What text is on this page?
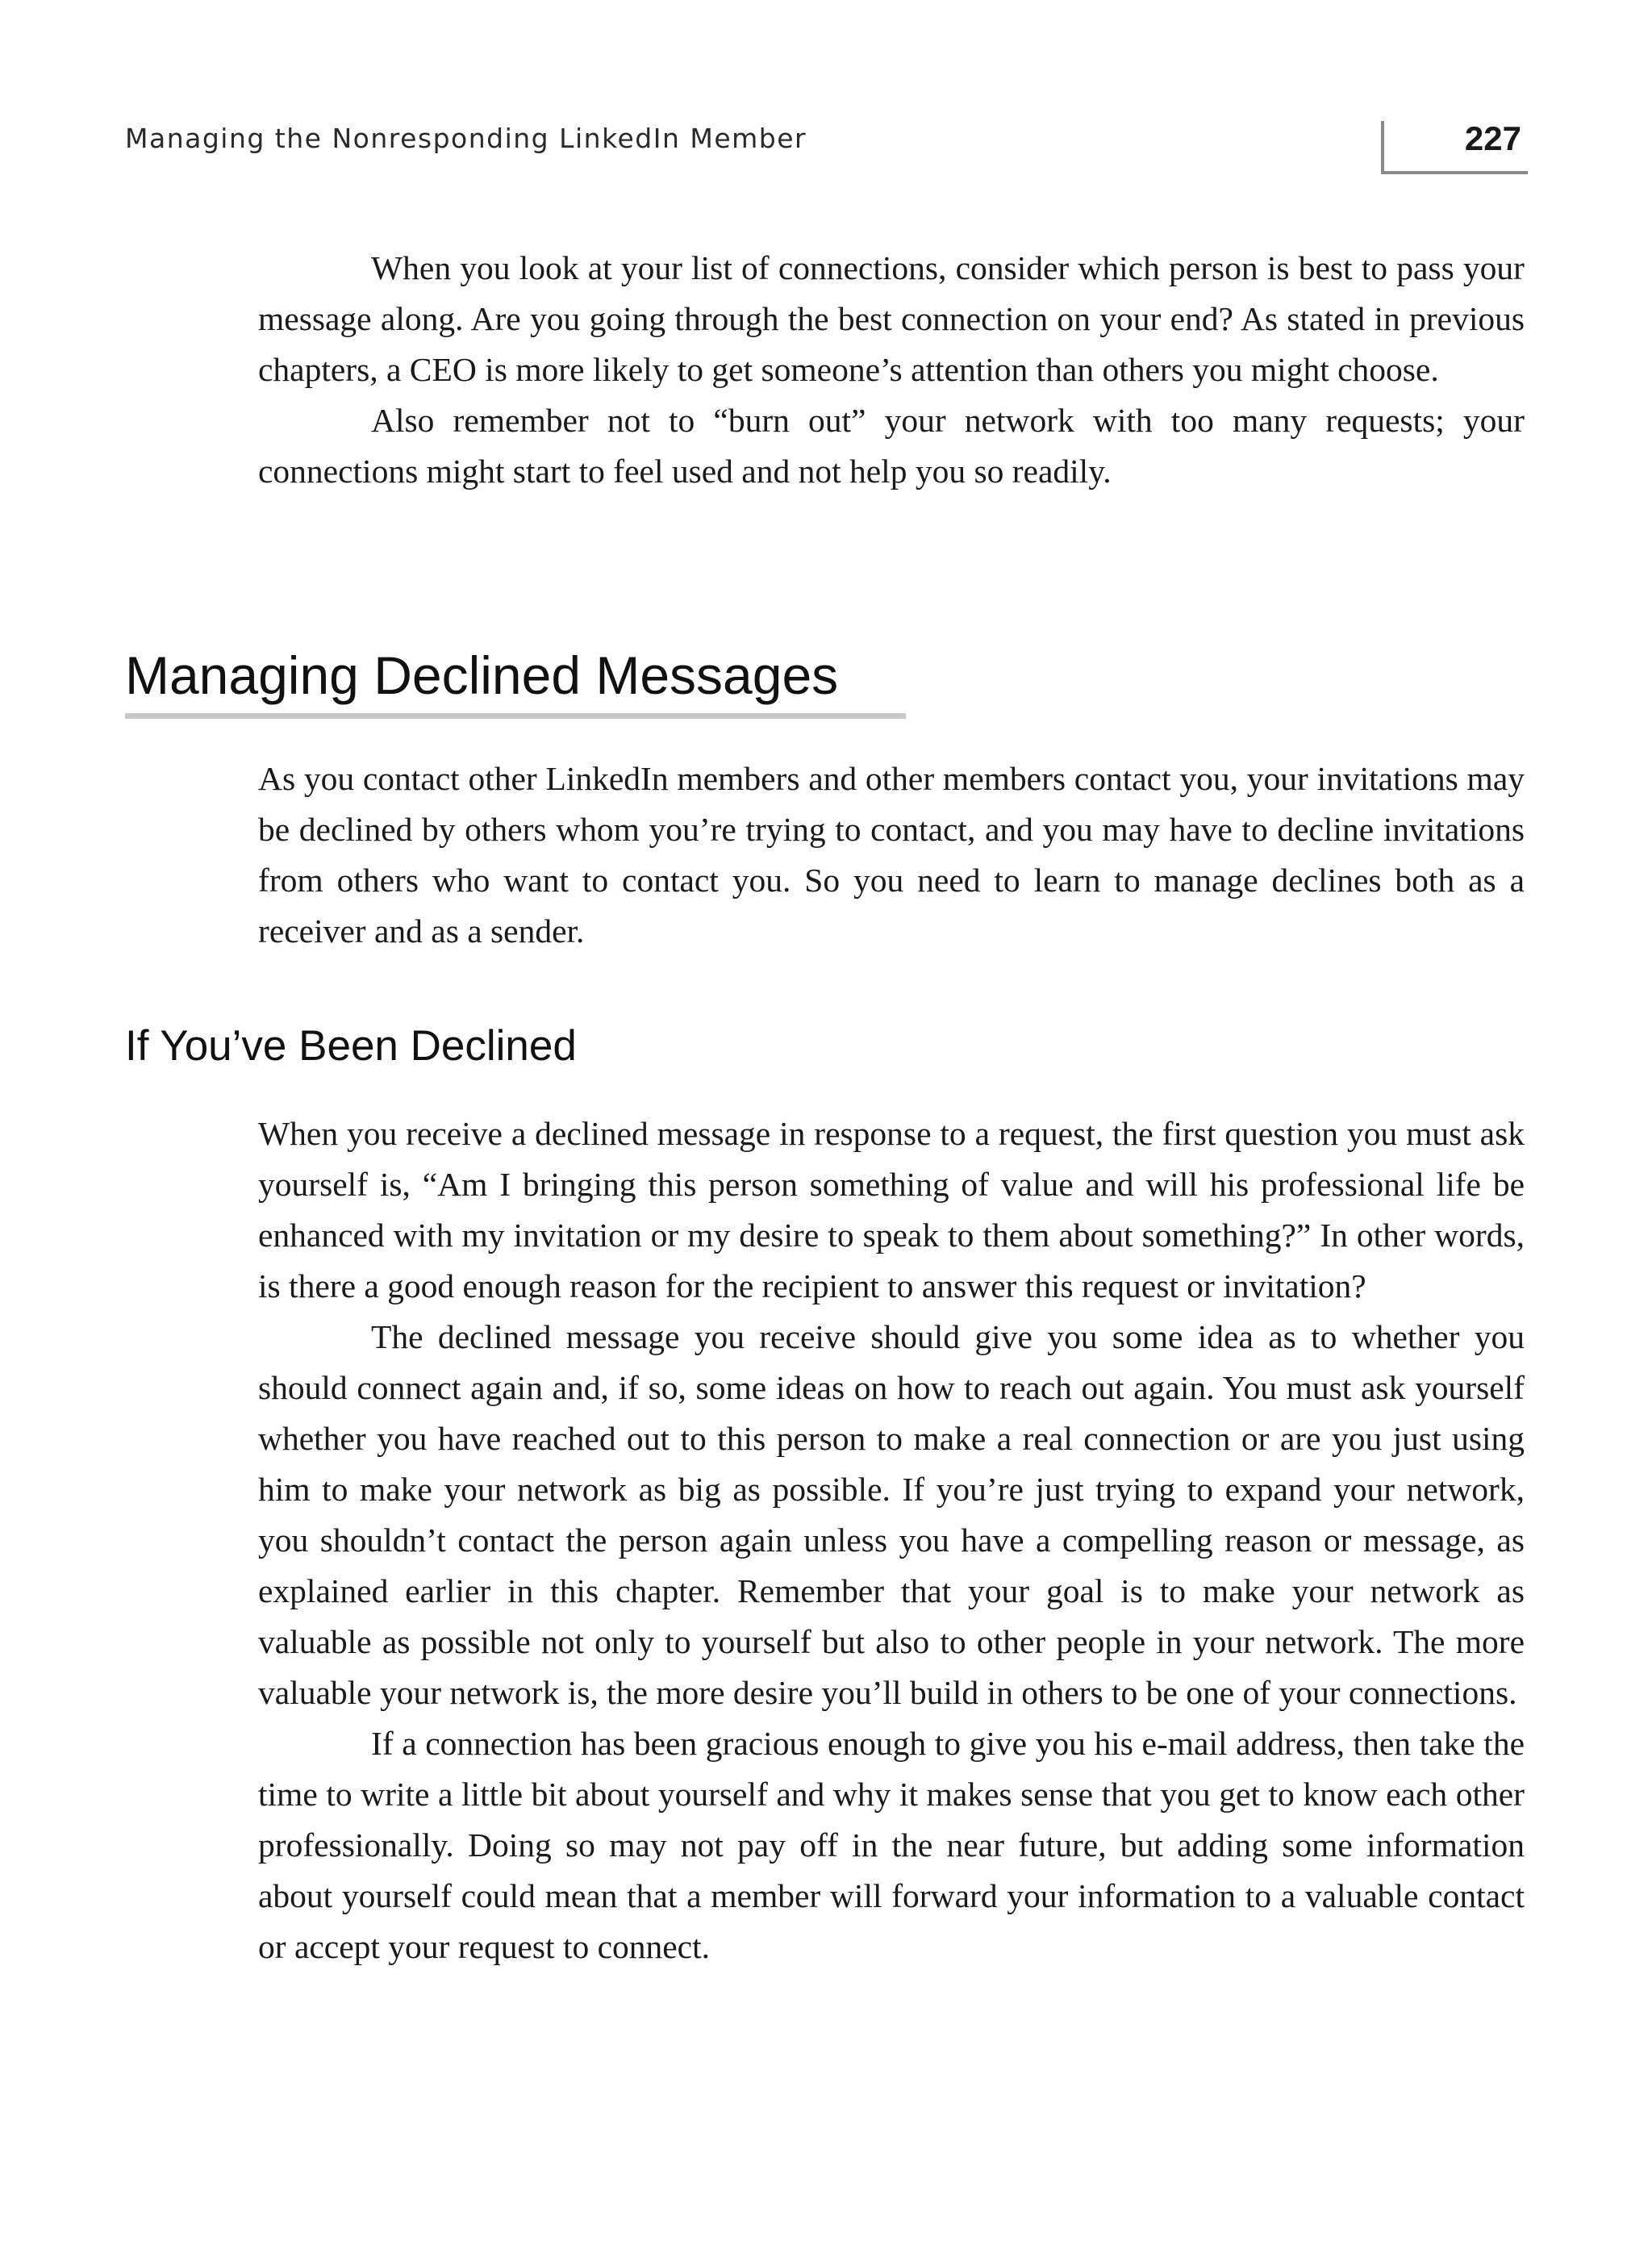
Managing the Nonresponding LinkedIn Member	227

When you look at your list of connections, consider which person is best to pass your message along. Are you going through the best connection on your end? As stated in previous chapters, a CEO is more likely to get someone’s attention than others you might choose.

Also remember not to “burn out” your network with too many requests; your connections might start to feel used and not help you so readily.

Managing Declined Messages

As you contact other LinkedIn members and other members contact you, your invitations may be declined by others whom you’re trying to contact, and you may have to decline invitations from others who want to contact you. So you need to learn to manage declines both as a receiver and as a sender.

If You’ve Been Declined

When you receive a declined message in response to a request, the first question you must ask yourself is, “Am I bringing this person something of value and will his professional life be enhanced with my invitation or my desire to speak to them about something?” In other words, is there a good enough reason for the recipient to answer this request or invitation?

The declined message you receive should give you some idea as to whether you should connect again and, if so, some ideas on how to reach out again. You must ask yourself whether you have reached out to this person to make a real connection or are you just using him to make your network as big as possible. If you’re just trying to expand your network, you shouldn’t contact the person again unless you have a compelling reason or message, as explained earlier in this chapter. Remember that your goal is to make your network as valuable as possible not only to yourself but also to other people in your network. The more valuable your network is, the more desire you’ll build in others to be one of your connections.

If a connection has been gracious enough to give you his e-mail address, then take the time to write a little bit about yourself and why it makes sense that you get to know each other professionally. Doing so may not pay off in the near future, but adding some information about yourself could mean that a member will forward your information to a valuable contact or accept your request to connect.
